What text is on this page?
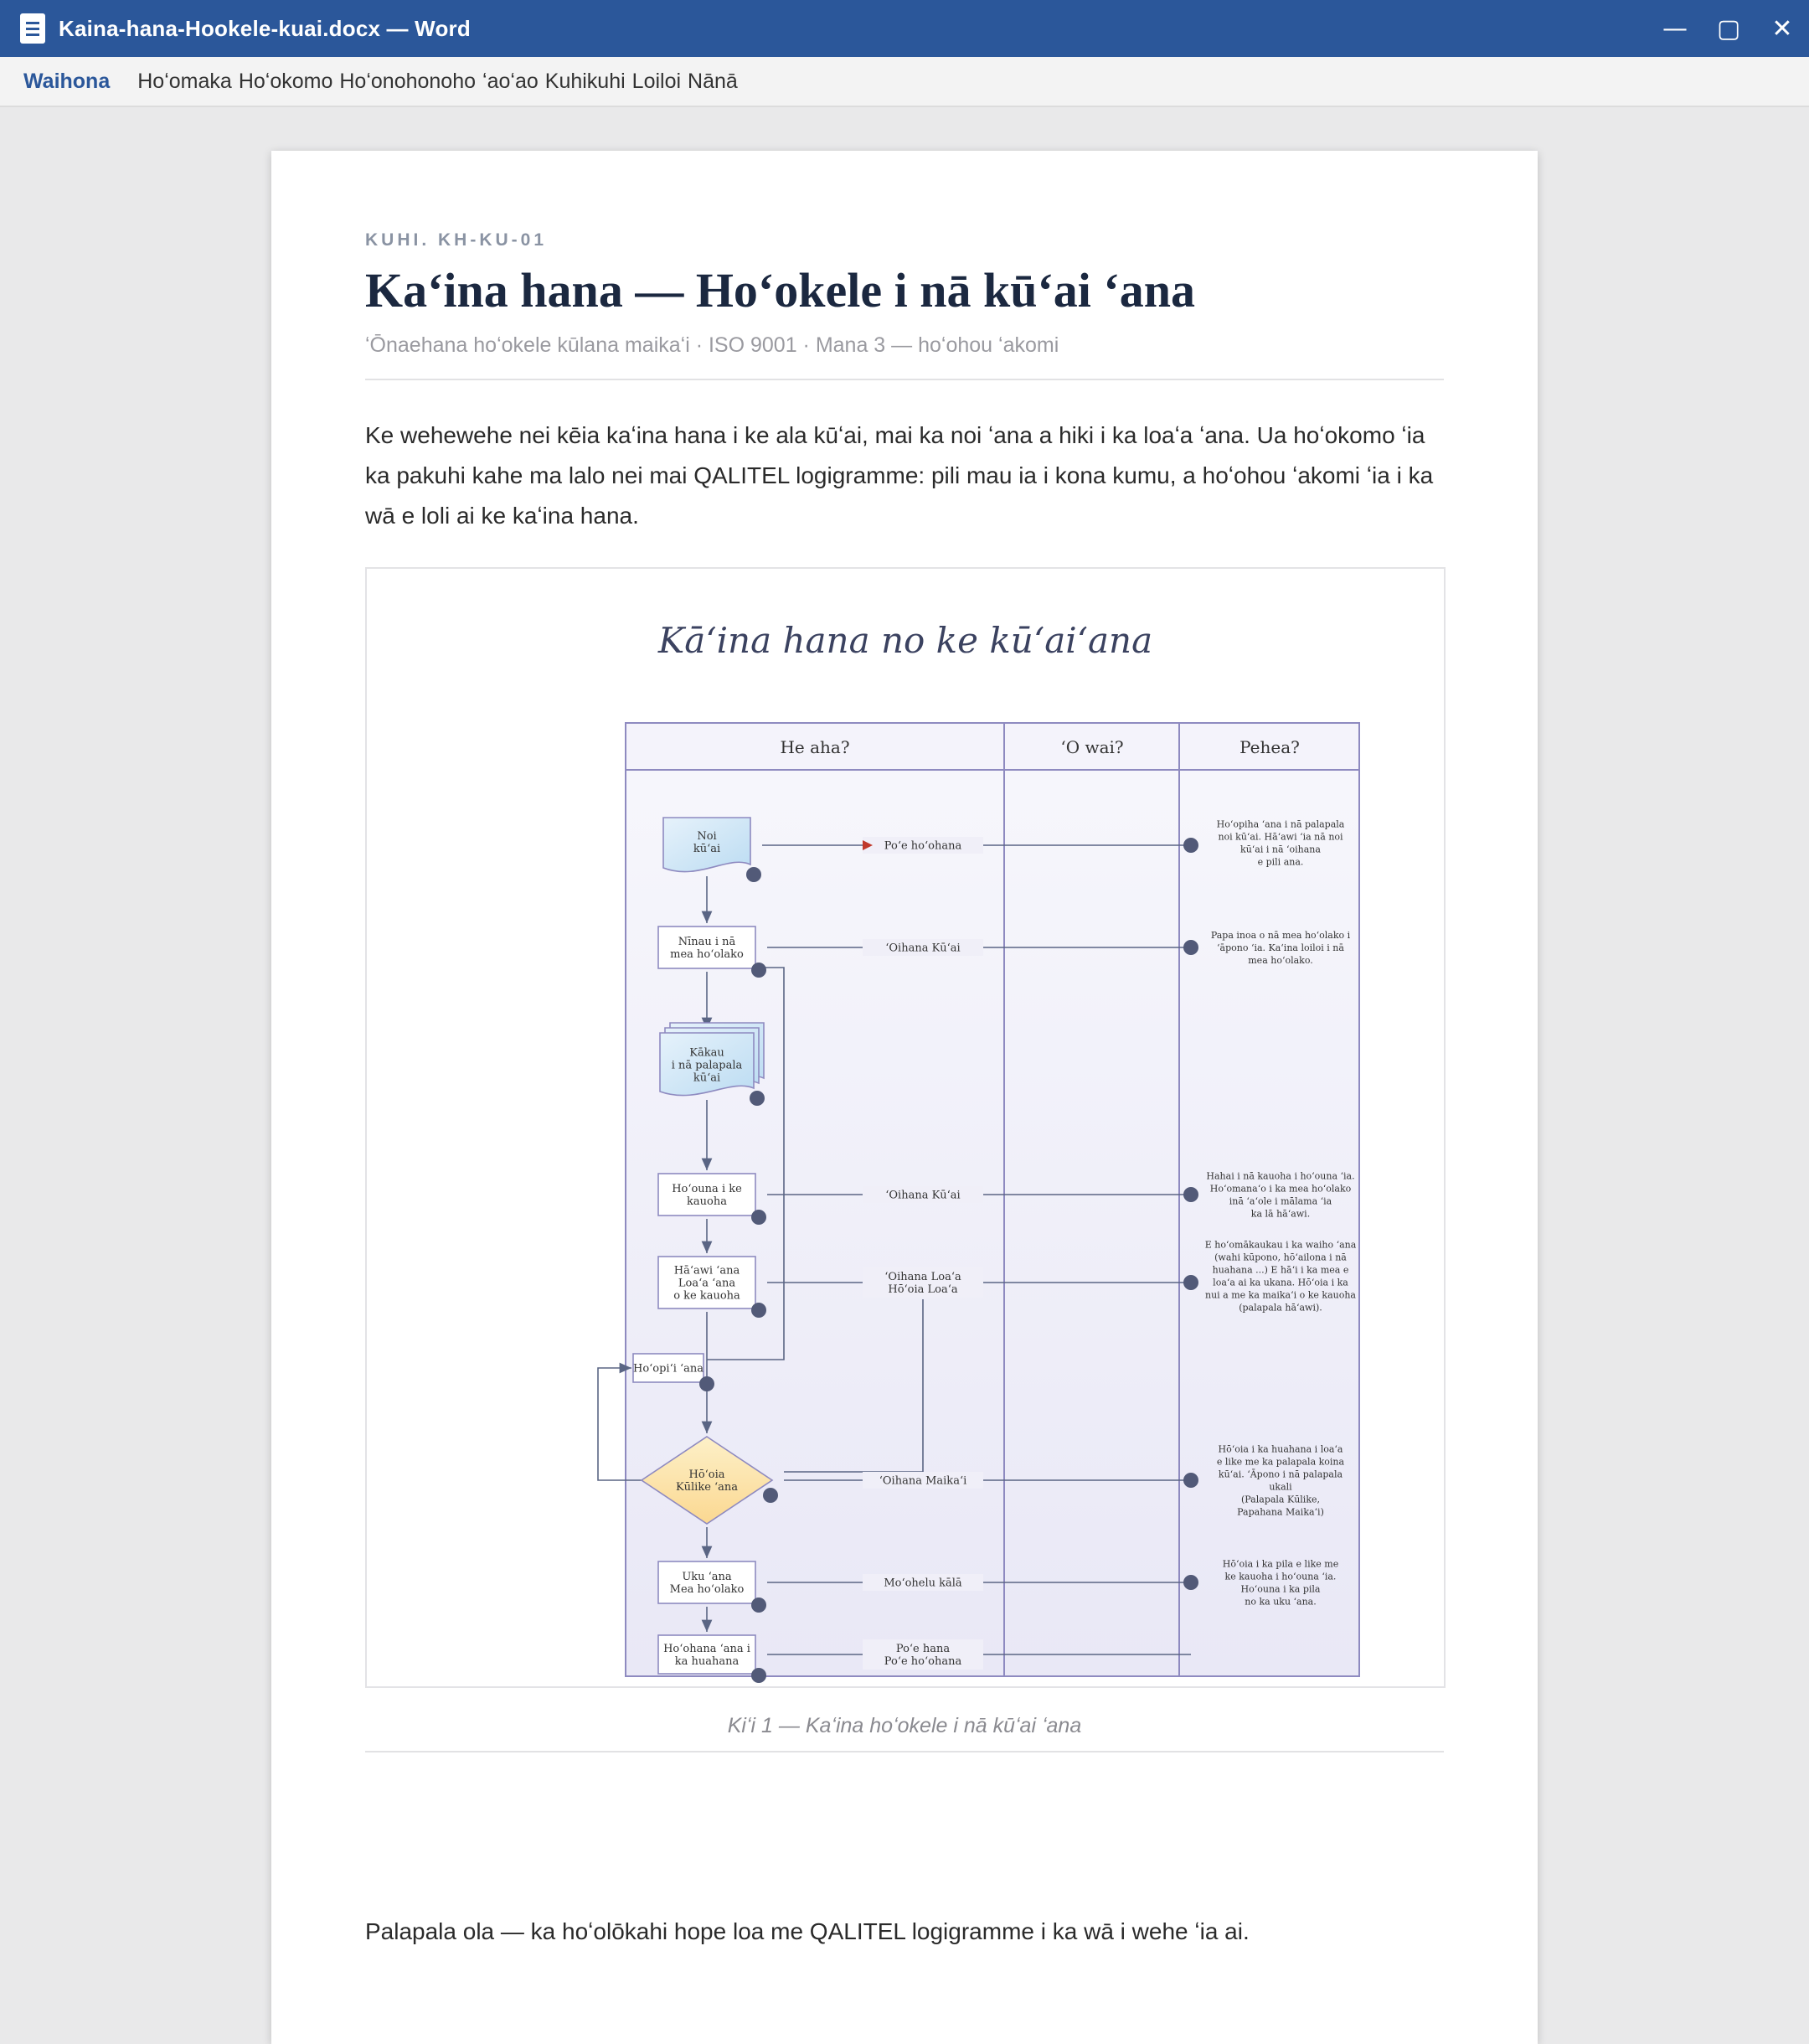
Kaina-hana-Hookele-kuai.docx — Word	—	▢	✕
Waihona Hoʻomaka Hoʻokomo Hoʻonohonoho ʻaoʻao Kuhikuhi Loiloi Nānā
KUHI. KH-KU-01
Kaʻina hana — Hoʻokele i nā kūʻai ʻana
ʻŌnaehana hoʻokele kūlana maikaʻi · ISO 9001 · Mana 3 — hoʻohou ʻakomi

Ke wehewehe nei kēia kaʻina hana i ke ala kūʻai, mai ka noi ʻana a hiki i ka loaʻa ʻana. Ua hoʻokomo ʻia ka pakuhi kahe ma lalo nei mai QALITEL logigramme: pili mau ia i kona kumu, a hoʻohou ʻakomi ʻia i ka wā e loli ai ke kaʻina hana.

Kāʻina hana no ke kūʻaiʻana
He aha?	ʻO wai?	Pehea?
Noi
kūʻai
Nīnau i nā
mea hoʻolako
Kākau
i nā palapala
kūʻai
Hoʻouna i ke
kauoha
Hāʻawi ʻana
Loaʻa ʻana
o ke kauoha
Hoʻopiʻi ʻana
Hōʻoia
Kūlike ʻana
Uku ʻana
Mea hoʻolako
Hoʻohana ʻana i
ka huahana
Poʻe hoʻohana
Hoʻopiha ʻana i nā palapala
noi kūʻai. Hāʻawi ʻia nā noi
kūʻai i nā ʻoihana
e pili ana.
ʻOihana Kūʻai
Papa inoa o nā mea hoʻolako i
ʻāpono ʻia. Kaʻina loiloi i nā
mea hoʻolako.
ʻOihana Kūʻai
Hahai i nā kauoha i hoʻouna ʻia.
Hoʻomanaʻo i ka mea hoʻolako
inā ʻaʻole i mālama ʻia
ka lā hāʻawi.
ʻOihana Loaʻa
Hōʻoia Loaʻa
E hoʻomākaukau i ka waiho ʻana
(wahi kūpono, hōʻailona i nā
huahana ...) E hāʻi i ka mea e
loaʻa ai ka ukana. Hōʻoia i ka
nui a me ka maikaʻi o ke kauoha
(palapala hāʻawi).
ʻOihana Maikaʻi
Hōʻoia i ka huahana i loaʻa
e like me ka palapala koina
kūʻai. ʻĀpono i nā palapala
ukali
(Palapala Kūlike,
Papahana Maikaʻi)
Moʻohelu kālā
Hōʻoia i ka pila e like me
ke kauoha i hoʻouna ʻia.
Hoʻouna i ka pila
no ka uku ʻana.
Poʻe hana
Poʻe hoʻohana
Kiʻi 1 — Kaʻina hoʻokele i nā kūʻai ʻana

Palapala ola — ka hoʻolōkahi hope loa me QALITEL logigramme i ka wā i wehe ʻia ai.
